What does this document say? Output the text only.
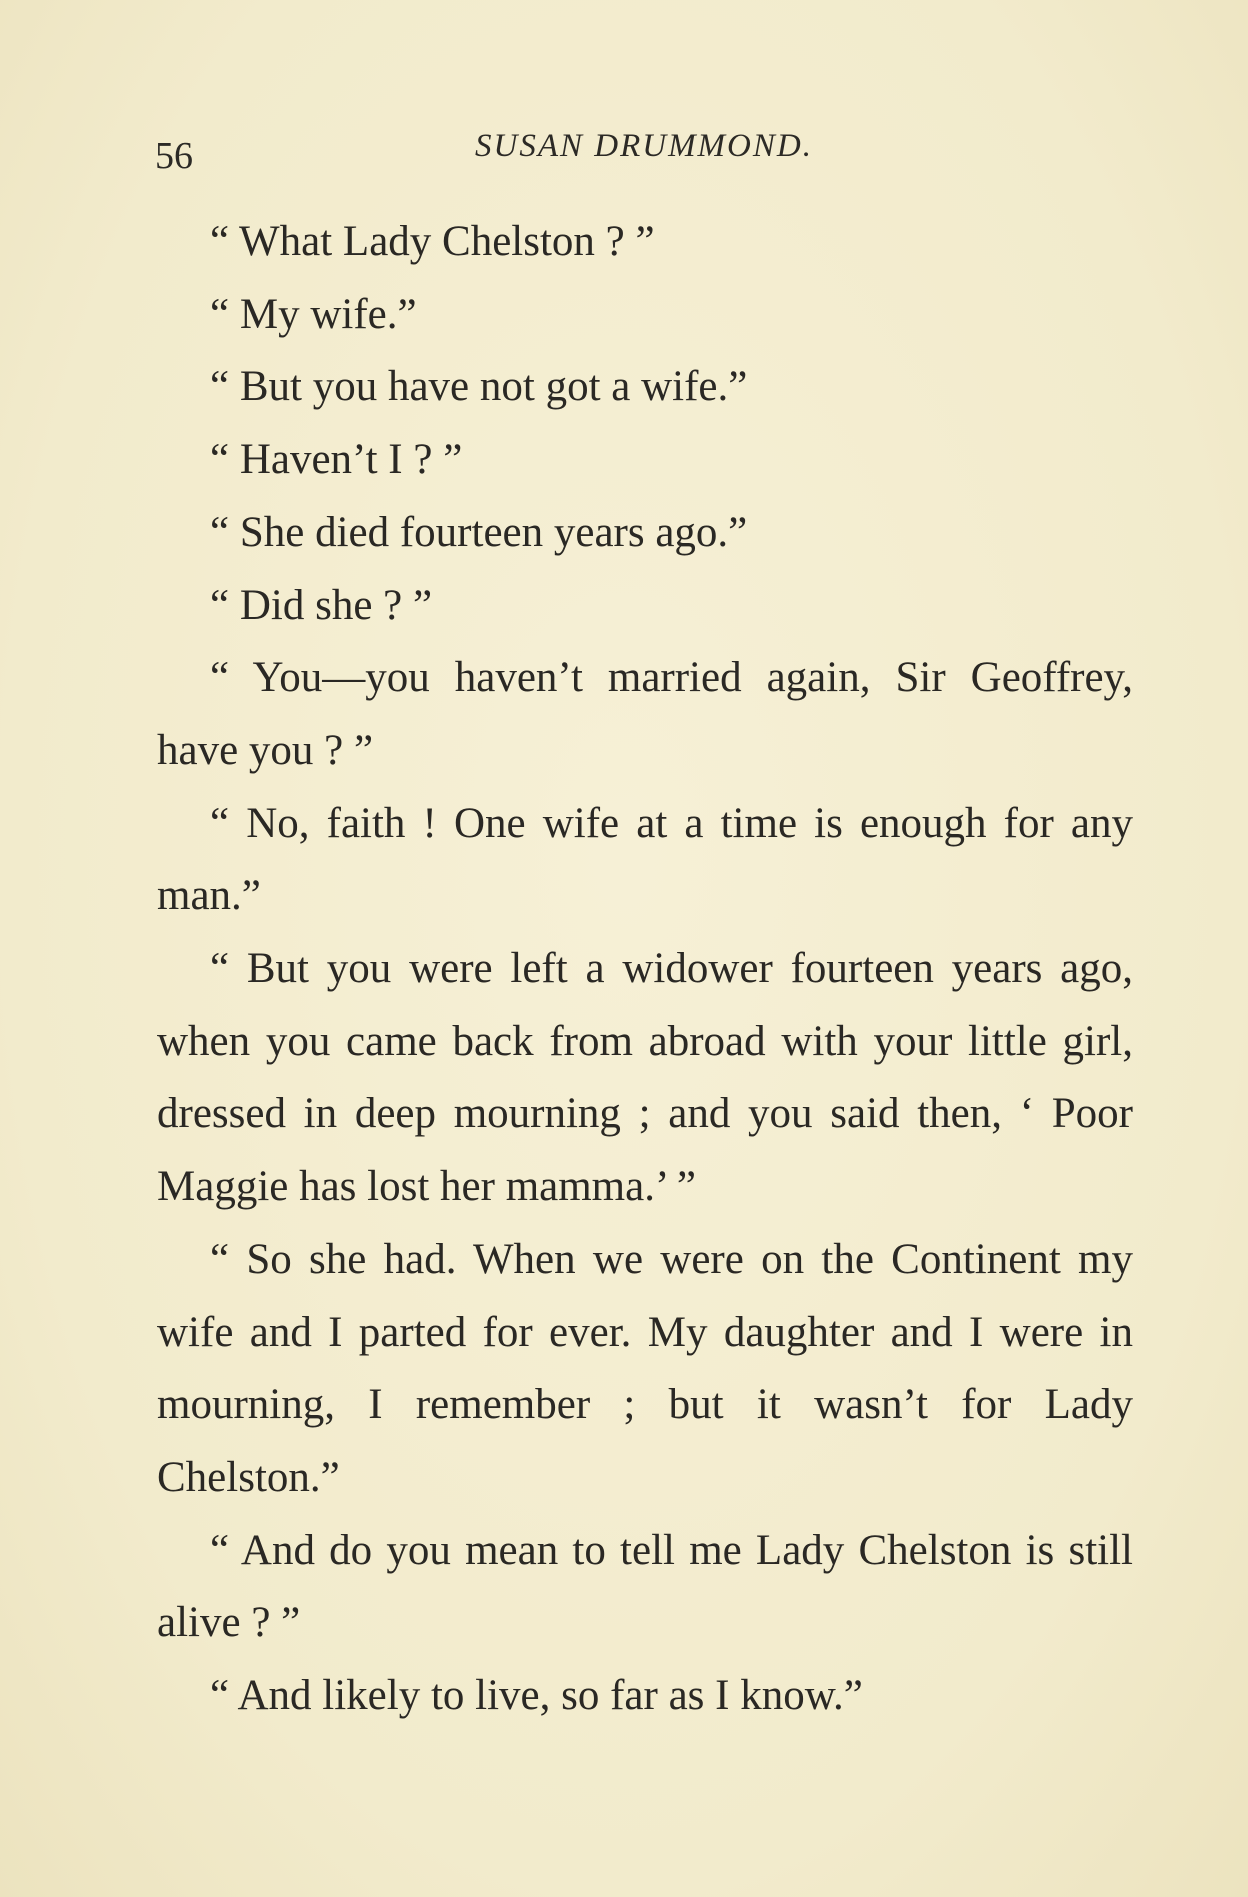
56	SUSAN DRUMMOND.

“ What Lady Chelston ? ”

“ My wife.”

“ But you have not got a wife.”

“ Haven’t I ? ”

“ She died fourteen years ago.”

“ Did she ? ”

“ You—you haven’t married again, Sir Geoffrey, have you ? ”

“ No, faith ! One wife at a time is enough for any man.”

“ But you were left a widower fourteen years ago, when you came back from abroad with your little girl, dressed in deep mourning ; and you said then, ‘ Poor Maggie has lost her mamma.’ ”

“ So she had. When we were on the Continent my wife and I parted for ever. My daughter and I were in mourning, I remember ; but it wasn’t for Lady Chelston.”

“ And do you mean to tell me Lady Chelston is still alive ? ”

“ And likely to live, so far as I know.”
